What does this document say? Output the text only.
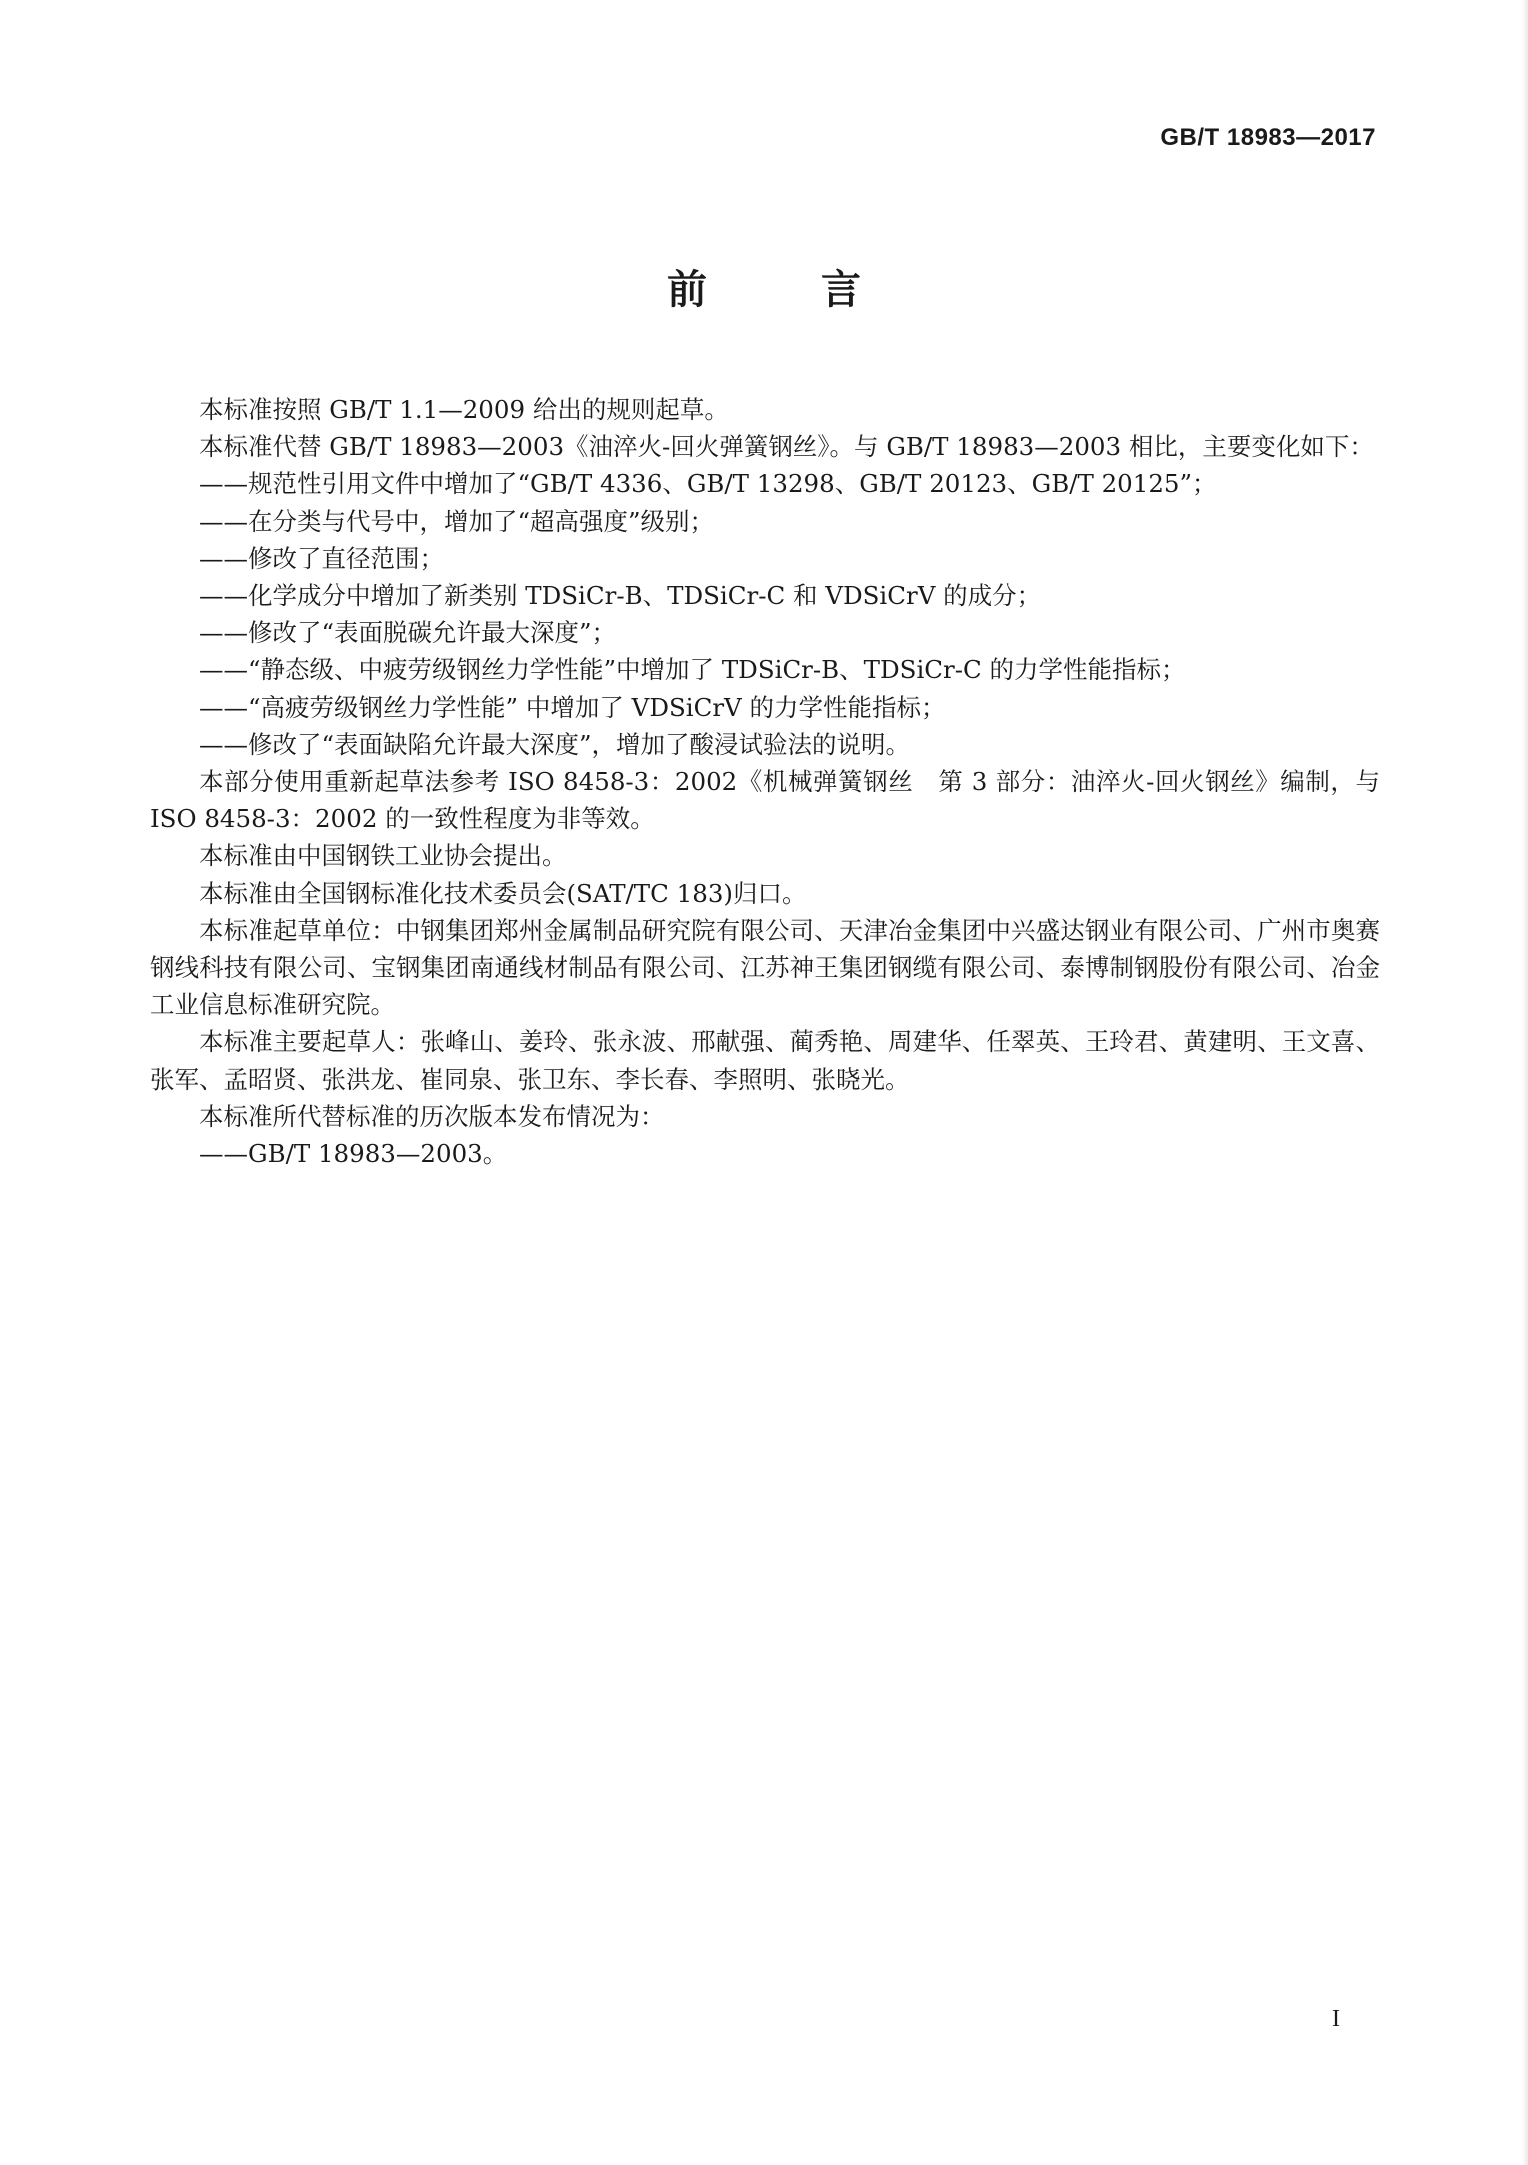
GB/T 18983—2017
前 言

本标准按照 GB/T 1.1—2009 给出的规则起草。

本标准代替 GB/T 18983—2003《油淬火-回火弹簧钢丝》。与 GB/T 18983—2003 相比，主要变化如下：

——规范性引用文件中增加了“GB/T 4336、GB/T 13298、GB/T 20123、GB/T 20125”；

——在分类与代号中，增加了“超高强度”级别；

——修改了直径范围；

——化学成分中增加了新类别 TDSiCr-B、TDSiCr-C 和 VDSiCrV 的成分；

——修改了“表面脱碳允许最大深度”；

——“静态级、中疲劳级钢丝力学性能”中增加了 TDSiCr-B、TDSiCr-C 的力学性能指标；

——“高疲劳级钢丝力学性能” 中增加了 VDSiCrV 的力学性能指标；

——修改了“表面缺陷允许最大深度”，增加了酸浸试验法的说明。

本部分使用重新起草法参考 ISO 8458-3：2002《机械弹簧钢丝　第 3 部分：油淬火-回火钢丝》编制，与 ISO 8458-3：2002 的一致性程度为非等效。

本标准由中国钢铁工业协会提出。

本标准由全国钢标准化技术委员会(SAT/TC 183)归口。

本标准起草单位：中钢集团郑州金属制品研究院有限公司、天津冶金集团中兴盛达钢业有限公司、广州市奥赛钢线科技有限公司、宝钢集团南通线材制品有限公司、江苏神王集团钢缆有限公司、泰博制钢股份有限公司、冶金工业信息标准研究院。

本标准主要起草人：张峰山、姜玲、张永波、邢献强、蔺秀艳、周建华、任翠英、王玲君、黄建明、王文喜、张军、孟昭贤、张洪龙、崔同泉、张卫东、李长春、李照明、张晓光。

本标准所代替标准的历次版本发布情况为：

——GB/T 18983—2003。

I
